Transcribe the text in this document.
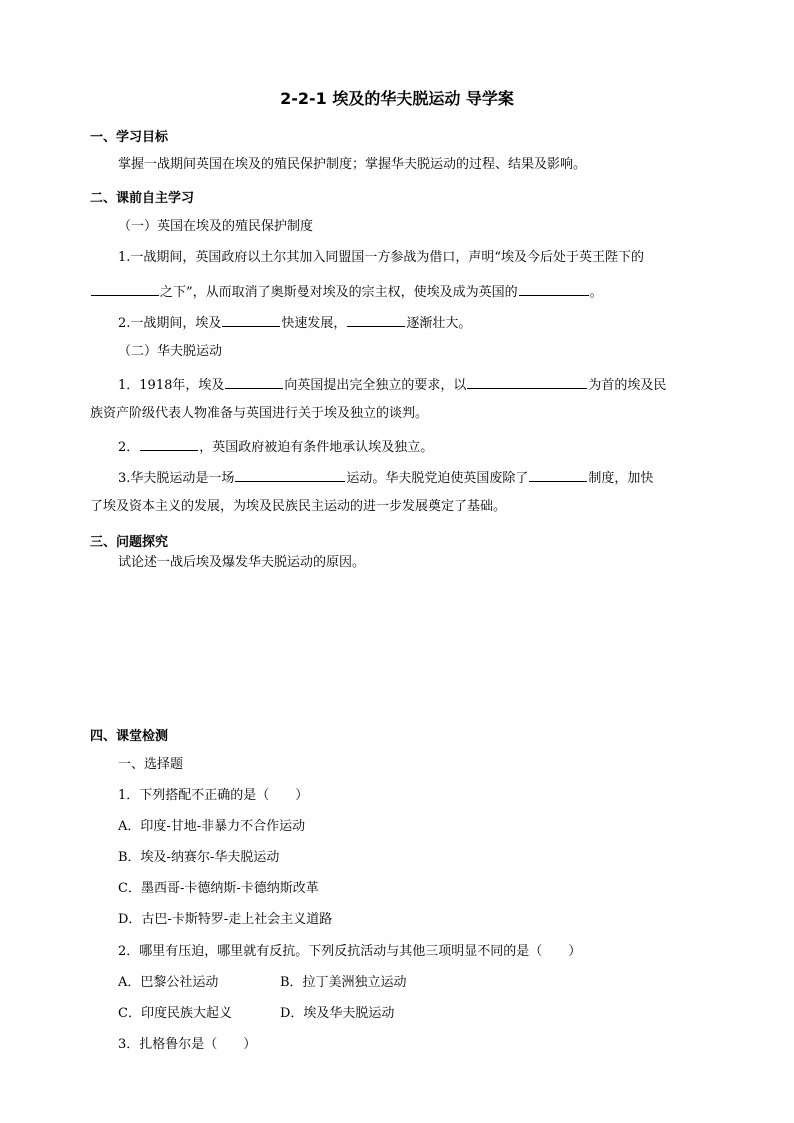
2-2-1 埃及的华夫脱运动 导学案
一、学习目标
掌握一战期间英国在埃及的殖民保护制度；掌握华夫脱运动的过程、结果及影响。
二、课前自主学习
（一）英国在埃及的殖民保护制度
1.一战期间，英国政府以土尔其加入同盟国一方参战为借口，声明“埃及今后处于英王陛下的
之下”，从而取消了奥斯曼对埃及的宗主权，使埃及成为英国的	。
2.一战期间，埃及	快速发展，	逐渐壮大。
（二）华夫脱运动
1．1918年，埃及	向英国提出完全独立的要求，以	为首的埃及民
族资产阶级代表人物准备与英国进行关于埃及独立的谈判。
2．	，英国政府被迫有条件地承认埃及独立。
3.华夫脱运动是一场	运动。华夫脱党迫使英国废除了	制度，加快
了埃及资本主义的发展，为埃及民族民主运动的进一步发展奠定了基础。
三、问题探究
试论述一战后埃及爆发华夫脱运动的原因。
四、课堂检测
一、选择题
1．下列搭配不正确的是（　　）
A．印度-甘地-非暴力不合作运动
B．埃及-纳赛尔-华夫脱运动
C．墨西哥-卡德纳斯-卡德纳斯改革
D．古巴-卡斯特罗-走上社会主义道路
2．哪里有压迫，哪里就有反抗。下列反抗活动与其他三项明显不同的是（　　）
A．巴黎公社运动	B．拉丁美洲独立运动
C．印度民族大起义	D．埃及华夫脱运动
3．扎格鲁尔是（　　）
